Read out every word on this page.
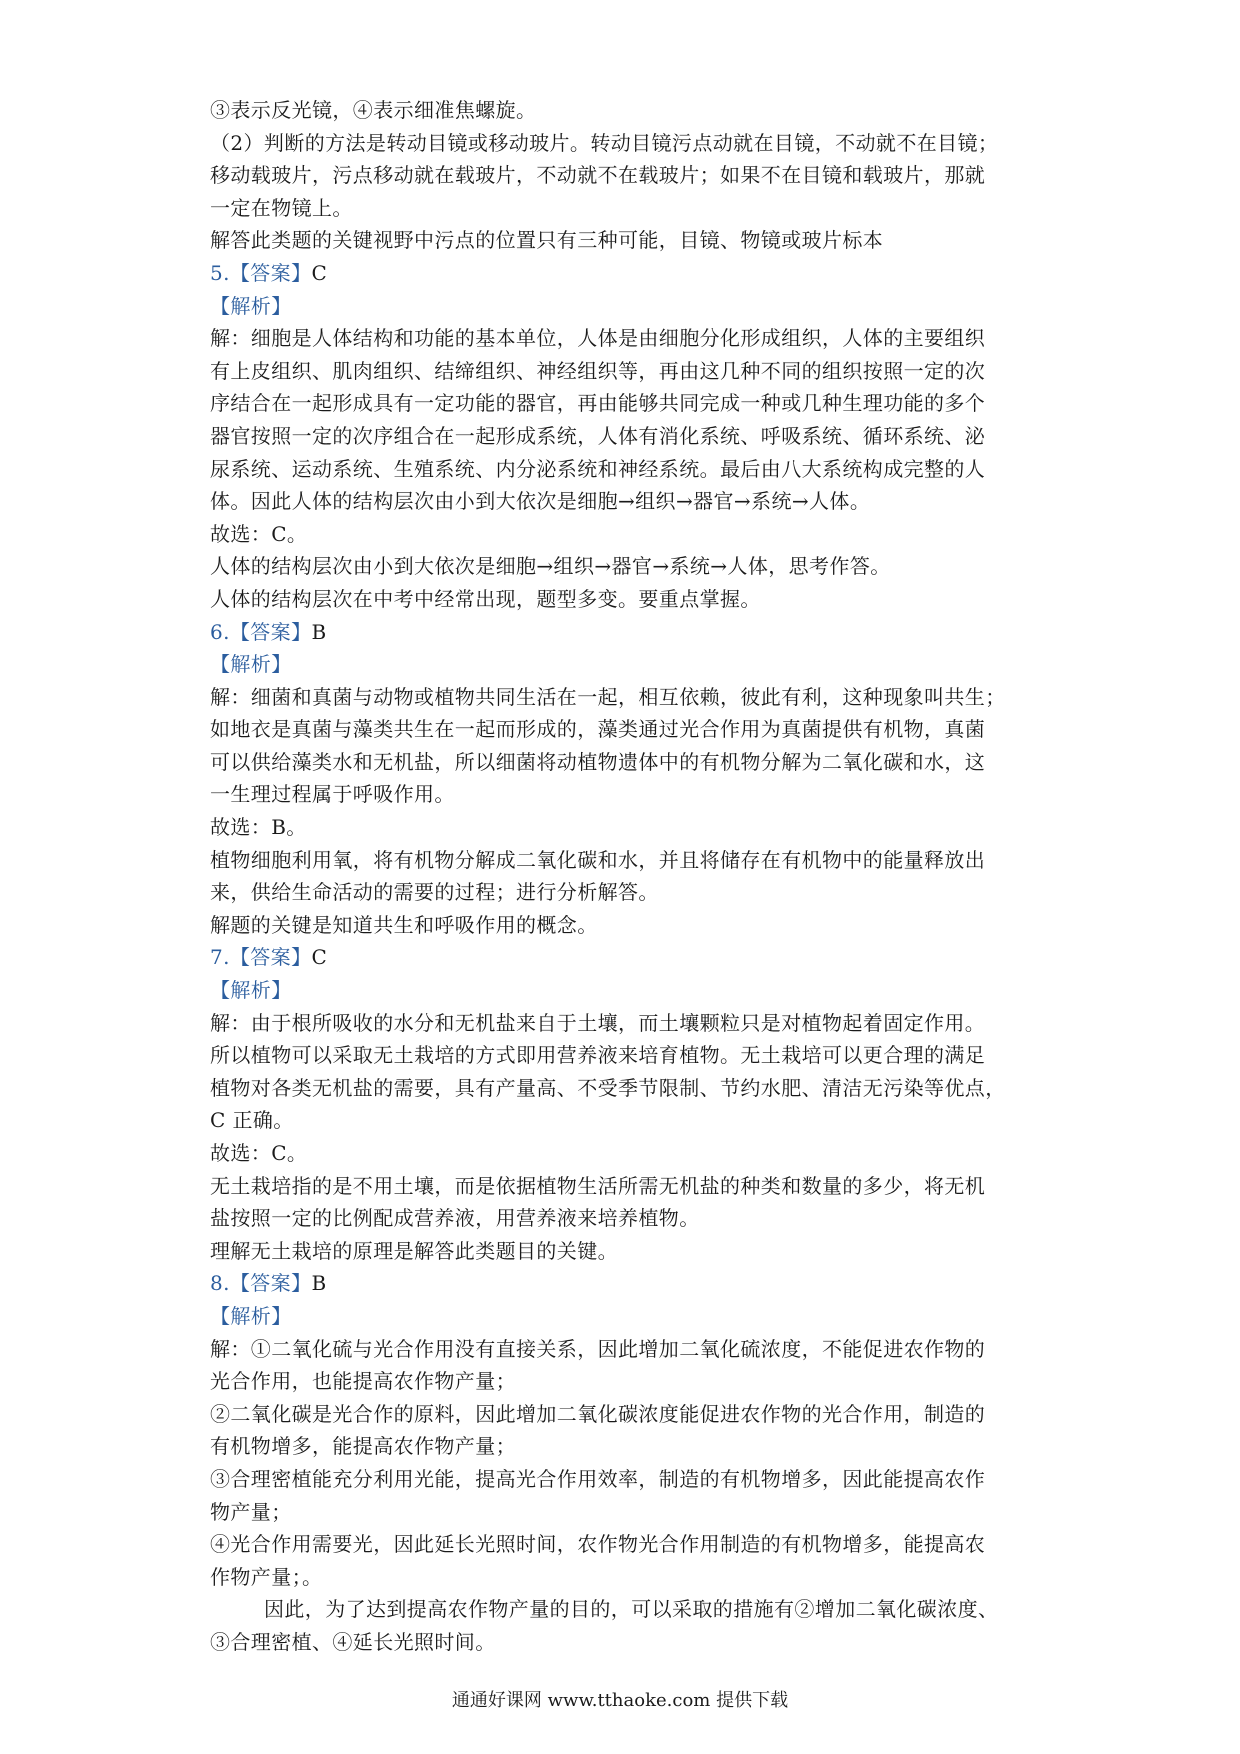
③表示反光镜，④表示细准焦螺旋。
（2）判断的方法是转动目镜或移动玻片。转动目镜污点动就在目镜，不动就不在目镜；
移动载玻片，污点移动就在载玻片，不动就不在载玻片；如果不在目镜和载玻片，那就
一定在物镜上。
解答此类题的关键视野中污点的位置只有三种可能，目镜、物镜或玻片标本
5.【答案】C
【解析】
解：细胞是人体结构和功能的基本单位，人体是由细胞分化形成组织，人体的主要组织
有上皮组织、肌肉组织、结缔组织、神经组织等，再由这几种不同的组织按照一定的次
序结合在一起形成具有一定功能的器官，再由能够共同完成一种或几种生理功能的多个
器官按照一定的次序组合在一起形成系统，人体有消化系统、呼吸系统、循环系统、泌
尿系统、运动系统、生殖系统、内分泌系统和神经系统。最后由八大系统构成完整的人
体。因此人体的结构层次由小到大依次是细胞→组织→器官→系统→人体。
故选：C。
人体的结构层次由小到大依次是细胞→组织→器官→系统→人体，思考作答。
人体的结构层次在中考中经常出现，题型多变。要重点掌握。
6.【答案】B
【解析】
解：细菌和真菌与动物或植物共同生活在一起，相互依赖，彼此有利，这种现象叫共生；
如地衣是真菌与藻类共生在一起而形成的，藻类通过光合作用为真菌提供有机物，真菌
可以供给藻类水和无机盐，所以细菌将动植物遗体中的有机物分解为二氧化碳和水，这
一生理过程属于呼吸作用。
故选：B。
植物细胞利用氧，将有机物分解成二氧化碳和水，并且将储存在有机物中的能量释放出
来，供给生命活动的需要的过程；进行分析解答。
解题的关键是知道共生和呼吸作用的概念。
7.【答案】C
【解析】
解：由于根所吸收的水分和无机盐来自于土壤，而土壤颗粒只是对植物起着固定作用。
所以植物可以采取无土栽培的方式即用营养液来培育植物。无土栽培可以更合理的满足
植物对各类无机盐的需要，具有产量高、不受季节限制、节约水肥、清洁无污染等优点，
C 正确。
故选：C。
无土栽培指的是不用土壤，而是依据植物生活所需无机盐的种类和数量的多少，将无机
盐按照一定的比例配成营养液，用营养液来培养植物。
理解无土栽培的原理是解答此类题目的关键。
8.【答案】B
【解析】
解：①二氧化硫与光合作用没有直接关系，因此增加二氧化硫浓度，不能促进农作物的
光合作用，也能提高农作物产量；
②二氧化碳是光合作的原料，因此增加二氧化碳浓度能促进农作物的光合作用，制造的
有机物增多，能提高农作物产量；
③合理密植能充分利用光能，提高光合作用效率，制造的有机物增多，因此能提高农作
物产量；
④光合作用需要光，因此延长光照时间，农作物光合作用制造的有机物增多，能提高农
作物产量；。
因此，为了达到提高农作物产量的目的，可以采取的措施有②增加二氧化碳浓度、
③合理密植、④延长光照时间。
通通好课网 www.tthaoke.com 提供下载
